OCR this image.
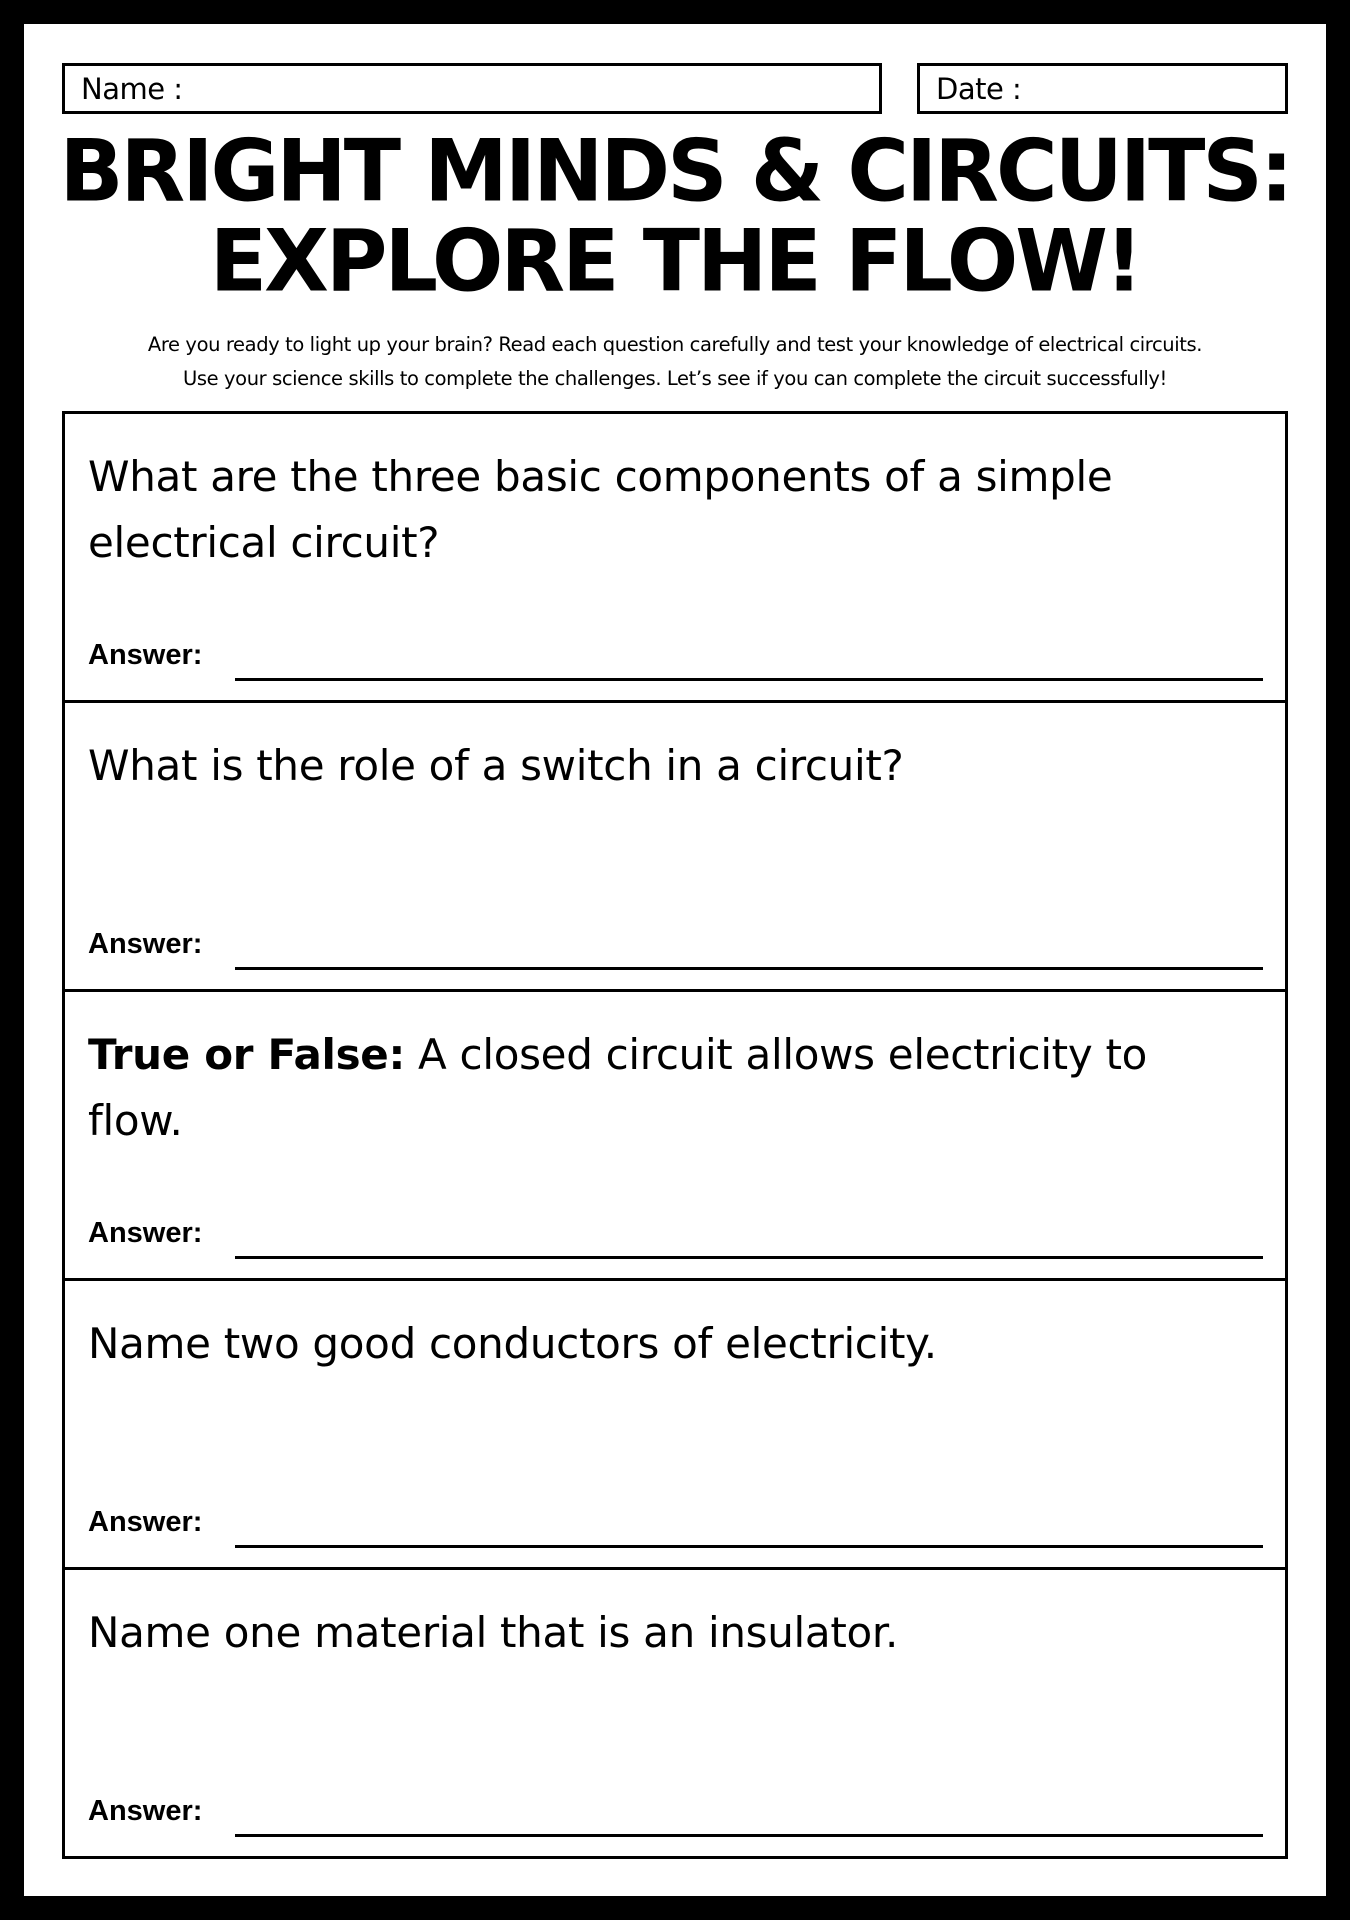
Name :	Date :
BRIGHT MINDS & CIRCUITS:
EXPLORE THE FLOW!
Are you ready to light up your brain? Read each question carefully and test your knowledge of electrical circuits.
Use your science skills to complete the challenges. Let’s see if you can complete the circuit successfully!
What are the three basic components of a simple electrical circuit?
Answer:
What is the role of a switch in a circuit?
Answer:
True or False: A closed circuit allows electricity to flow.
Answer:
Name two good conductors of electricity.
Answer:
Name one material that is an insulator.
Answer:
